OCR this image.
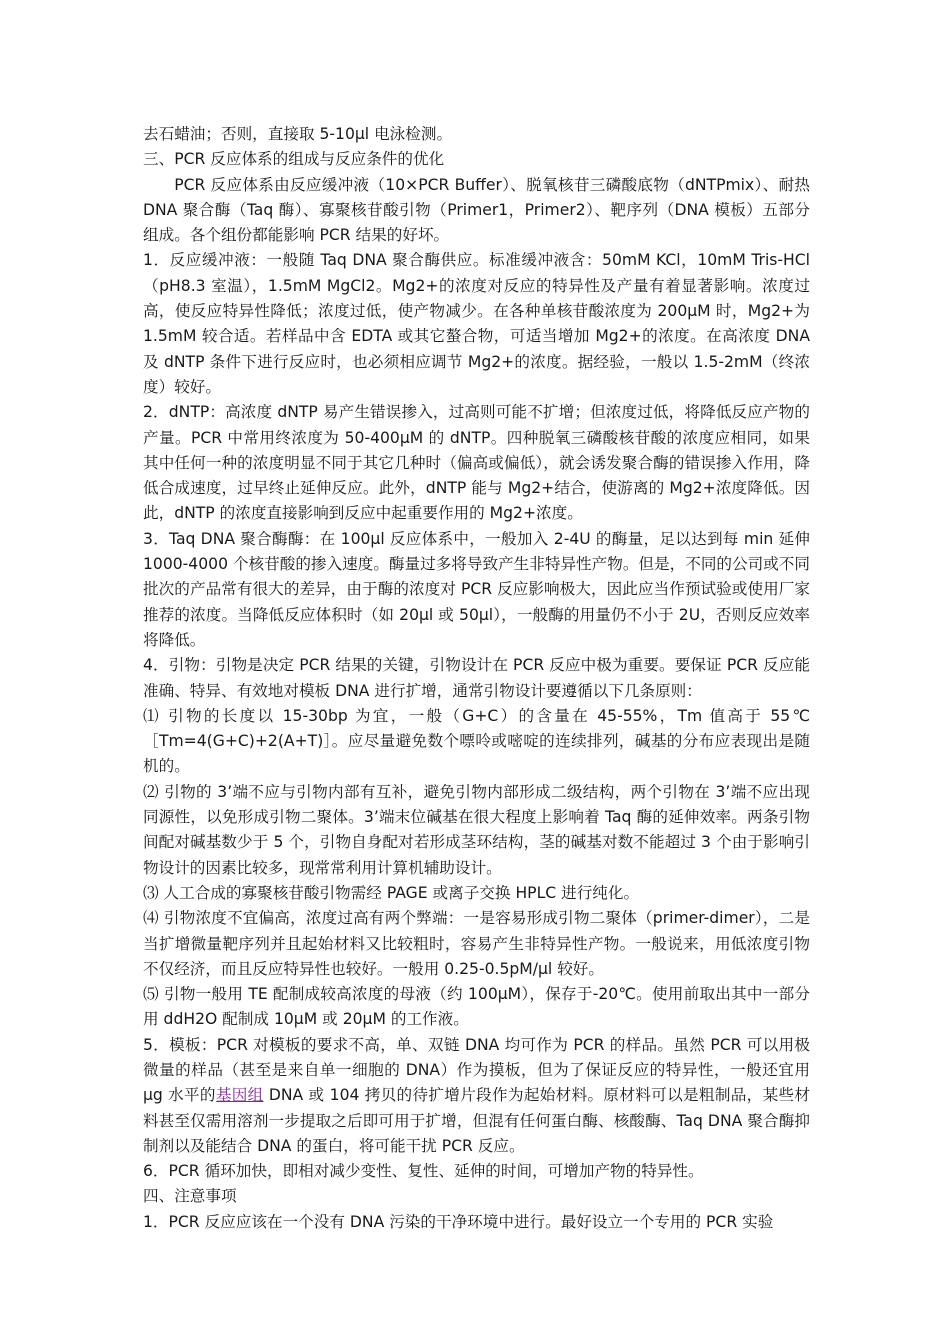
去石蜡油；否则，直接取 5-10μl 电泳检测。

三、PCR 反应体系的组成与反应条件的优化

PCR 反应体系由反应缓冲液（10×PCR Buffer）、脱氧核苷三磷酸底物（dNTPmix）、耐热 DNA 聚合酶（Taq 酶）、寡聚核苷酸引物（Primer1，Primer2）、靶序列（DNA 模板）五部分组成。各个组份都能影响 PCR 结果的好坏。

1．反应缓冲液：一般随 Taq DNA 聚合酶供应。标准缓冲液含：50mM KCl，10mM Tris-HCl（pH8.3 室温），1.5mM MgCl2。Mg2+的浓度对反应的特异性及产量有着显著影响。浓度过高，使反应特异性降低；浓度过低，使产物减少。在各种单核苷酸浓度为 200μM 时，Mg2+为 1.5mM 较合适。若样品中含 EDTA 或其它螯合物，可适当增加 Mg2+的浓度。在高浓度 DNA 及 dNTP 条件下进行反应时，也必须相应调节 Mg2+的浓度。据经验，一般以 1.5-2mM（终浓度）较好。

2．dNTP：高浓度 dNTP 易产生错误掺入，过高则可能不扩增；但浓度过低，将降低反应产物的产量。PCR 中常用终浓度为 50-400μM 的 dNTP。四种脱氧三磷酸核苷酸的浓度应相同，如果其中任何一种的浓度明显不同于其它几种时（偏高或偏低），就会诱发聚合酶的错误掺入作用，降低合成速度，过早终止延伸反应。此外，dNTP 能与 Mg2+结合，使游离的 Mg2+浓度降低。因此，dNTP 的浓度直接影响到反应中起重要作用的 Mg2+浓度。

3．Taq DNA 聚合酶酶：在 100μl 反应体系中，一般加入 2-4U 的酶量，足以达到每 min 延伸 1000-4000 个核苷酸的掺入速度。酶量过多将导致产生非特异性产物。但是，不同的公司或不同批次的产品常有很大的差异，由于酶的浓度对 PCR 反应影响极大，因此应当作预试验或使用厂家推荐的浓度。当降低反应体积时（如 20μl 或 50μl），一般酶的用量仍不小于 2U，否则反应效率将降低。

4．引物：引物是决定 PCR 结果的关键，引物设计在 PCR 反应中极为重要。要保证 PCR 反应能准确、特异、有效地对模板 DNA 进行扩增，通常引物设计要遵循以下几条原则：

⑴ 引物的长度以 15-30bp 为宜，一般（G+C）的含量在 45-55%，Tm 值高于 55℃［Tm=4(G+C)+2(A+T)］。应尽量避免数个嘌呤或嘧啶的连续排列，碱基的分布应表现出是随机的。

⑵ 引物的 3’端不应与引物内部有互补，避免引物内部形成二级结构，两个引物在 3’端不应出现同源性，以免形成引物二聚体。3’端末位碱基在很大程度上影响着 Taq 酶的延伸效率。两条引物间配对碱基数少于 5 个，引物自身配对若形成茎环结构，茎的碱基对数不能超过 3 个由于影响引物设计的因素比较多，现常常利用计算机辅助设计。

⑶ 人工合成的寡聚核苷酸引物需经 PAGE 或离子交换 HPLC 进行纯化。

⑷ 引物浓度不宜偏高，浓度过高有两个弊端：一是容易形成引物二聚体（primer-dimer），二是当扩增微量靶序列并且起始材料又比较粗时，容易产生非特异性产物。一般说来，用低浓度引物不仅经济，而且反应特异性也较好。一般用 0.25-0.5pM/μl 较好。

⑸ 引物一般用 TE 配制成较高浓度的母液（约 100μM），保存于-20℃。使用前取出其中一部分用 ddH2O 配制成 10μM 或 20μM 的工作液。

5．模板：PCR 对模板的要求不高，单、双链 DNA 均可作为 PCR 的样品。虽然 PCR 可以用极微量的样品（甚至是来自单一细胞的 DNA）作为摸板，但为了保证反应的特异性，一般还宜用 μg 水平的基因组 DNA 或 104 拷贝的待扩增片段作为起始材料。原材料可以是粗制品，某些材料甚至仅需用溶剂一步提取之后即可用于扩增，但混有任何蛋白酶、核酸酶、Taq DNA 聚合酶抑制剂以及能结合 DNA 的蛋白，将可能干扰 PCR 反应。

6．PCR 循环加快，即相对减少变性、复性、延伸的时间，可增加产物的特异性。

四、注意事项

1．PCR 反应应该在一个没有 DNA 污染的干净环境中进行。最好设立一个专用的 PCR 实验
